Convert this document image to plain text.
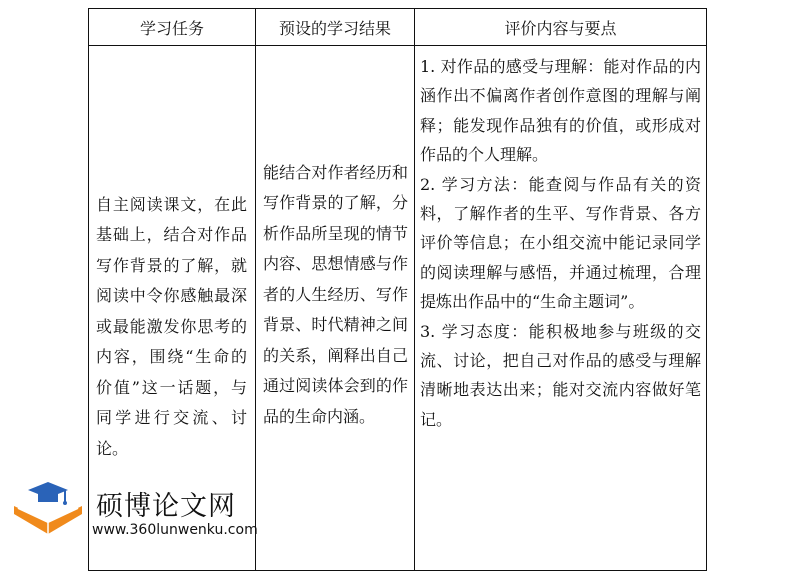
学习任务	预设的学习结果	评价内容与要点

自主阅读课文，在此基础上，结合对作品写作背景的了解，就阅读中令你感触最深或最能激发你思考的内容，围绕“生命的价值”这一话题，与同学进行交流、讨论。	能结合对作者经历和写作背景的了解，分析作品所呈现的情节内容、思想情感与作者的人生经历、写作背景、时代精神之间的关系，阐释出自己通过阅读体会到的作品的生命内涵。	1. 对作品的感受与理解：能对作品的内涵作出不偏离作者创作意图的理解与阐释；能发现作品独有的价值，或形成对作品的个人理解。

2. 学习方法：能查阅与作品有关的资料，了解作者的生平、写作背景、各方评价等信息；在小组交流中能记录同学的阅读理解与感悟，并通过梳理，合理提炼出作品中的“生命主题词”。

3. 学习态度：能积极地参与班级的交流、讨论，把自己对作品的感受与理解清晰地表达出来；能对交流内容做好笔记。

硕博论文网
www.360lunwenku.com
